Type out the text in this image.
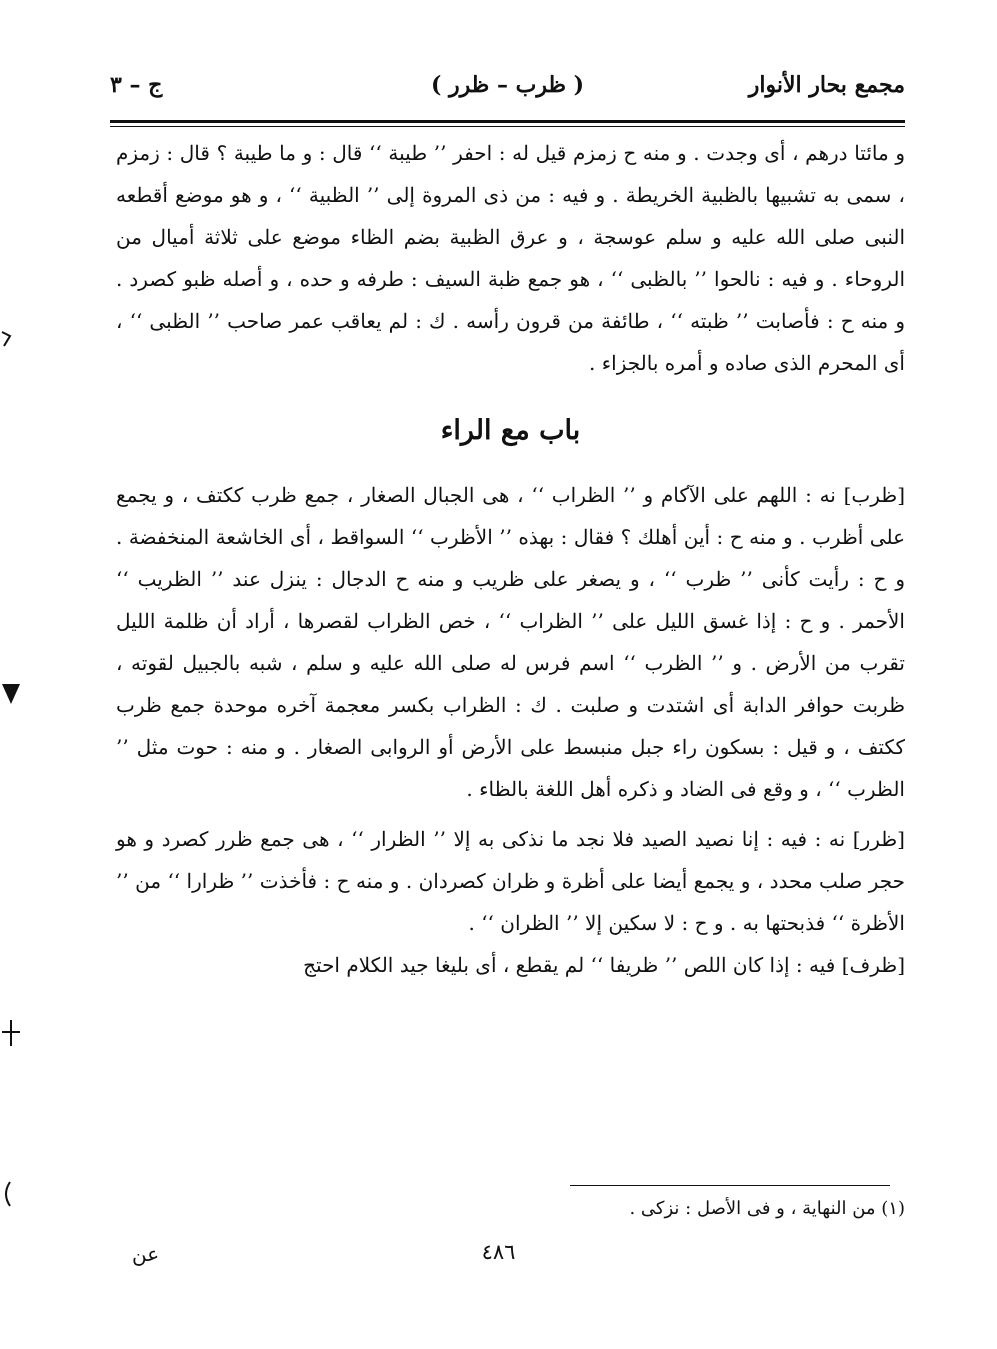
مجمع بحار الأنوار
( ظرب – ظرر )
ج – ٣

و مائتا درهم ، أى وجدت . و منه ح زمزم قيل له : احفر ’’ طيبة ‘‘ قال : و ما طيبة ؟ قال : زمزم ، سمى به تشبيها بالظبية الخريطة . و فيه : من ذى المروة إلى ’’ الظبية ‘‘ ، و هو موضع أقطعه النبى صلى الله عليه و سلم عوسجة ، و عرق الظبية بضم الظاء موضع على ثلاثة أميال من الروحاء . و فيه : نالحوا ’’ بالظبى ‘‘ ، هو جمع ظبة السيف : طرفه و حده ، و أصله ظبو كصرد . و منه ح : فأصابت ’’ ظبته ‘‘ ، طائفة من قرون رأسه . ك : لم يعاقب عمر صاحب ’’ الظبى ‘‘ ، أى المحرم الذى صاده و أمره بالجزاء .

باب مع الراء

[ظرب] نه : اللهم على الآكام و ’’ الظراب ‘‘ ، هى الجبال الصغار ، جمع ظرب ككتف ، و يجمع على أظرب . و منه ح : أين أهلك ؟ فقال : بهذه ’’ الأظرب ‘‘ السواقط ، أى الخاشعة المنخفضة . و ح : رأيت كأنى ’’ ظرب ‘‘ ، و يصغر على ظريب و منه ح الدجال : ينزل عند ’’ الظريب ‘‘ الأحمر . و ح : إذا غسق الليل على ’’ الظراب ‘‘ ، خص الظراب لقصرها ، أراد أن ظلمة الليل تقرب من الأرض . و ’’ الظرب ‘‘ اسم فرس له صلى الله عليه و سلم ، شبه بالجبيل لقوته ، ظربت حوافر الدابة أى اشتدت و صلبت . ك : الظراب بكسر معجمة آخره موحدة جمع ظرب ككتف ، و قيل : بسكون راء جبل منبسط على الأرض أو الروابى الصغار . و منه : حوت مثل ’’ الظرب ‘‘ ، و وقع فى الضاد و ذكره أهل اللغة بالظاء .

[ظرر] نه : فيه : إنا نصيد الصيد فلا نجد ما نذكى به إلا ’’ الظرار ‘‘ ، هى جمع ظرر كصرد و هو حجر صلب محدد ، و يجمع أيضا على أظرة و ظران كصردان . و منه ح : فأخذت ’’ ظرارا ‘‘ من ’’ الأظرة ‘‘ فذبحتها به . و ح : لا سكين إلا ’’ الظران ‘‘ .

[ظرف] فيه : إذا كان اللص ’’ ظريفا ‘‘ لم يقطع ، أى بليغا جيد الكلام احتج

(١) من النهاية ، و فى الأصل : نزكى .
٤٨٦
عن
